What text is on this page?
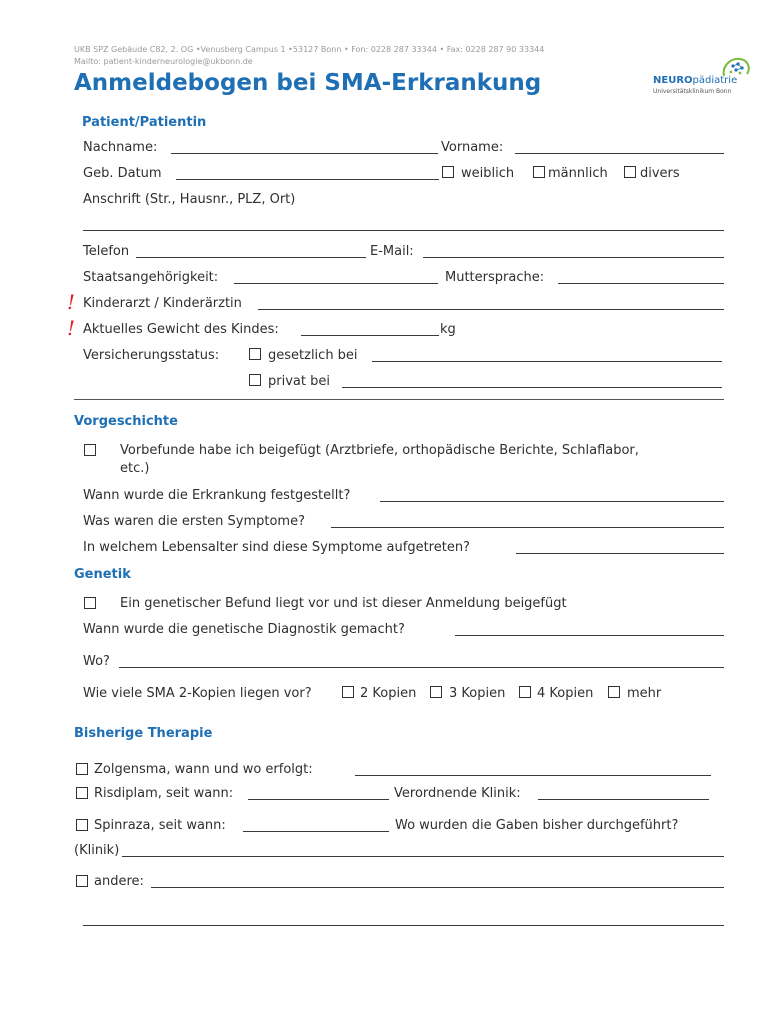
UKB SPZ Gebäude C82, 2. OG •Venusberg Campus 1 •53127 Bonn • Fon: 0228 287 33344 • Fax: 0228 287 90 33344
Mailto: patient-kinderneurologie@ukbonn.de
Anmeldebogen bei SMA-Erkrankung	NEUROpädiatrie
Universitätsklinikum Bonn
Patient/Patientin
Nachname:	Vorname:
Geb. Datum	weiblich	männlich divers
Anschrift (Str., Hausnr., PLZ, Ort)
Telefon	E-Mail:
Staatsangehörigkeit:	Muttersprache:
! Kinderarzt / Kinderärztin
! Aktuelles Gewicht des Kindes:	kg
Versicherungsstatus:	gesetzlich bei
privat bei
Vorgeschichte
Vorbefunde habe ich beigefügt (Arztbriefe, orthopädische Berichte, Schlaflabor,
etc.)
Wann wurde die Erkrankung festgestellt?
Was waren die ersten Symptome?
In welchem Lebensalter sind diese Symptome aufgetreten?
Genetik
Ein genetischer Befund liegt vor und ist dieser Anmeldung beigefügt
Wann wurde die genetische Diagnostik gemacht?
Wo?
Wie viele SMA 2-Kopien liegen vor?	2 Kopien	3 Kopien 4 Kopien	mehr
Bisherige Therapie
Zolgensma, wann und wo erfolgt:
Risdiplam, seit wann:	Verordnende Klinik:
Spinraza, seit wann:	Wo wurden die Gaben bisher durchgeführt?
(Klinik)
andere:
